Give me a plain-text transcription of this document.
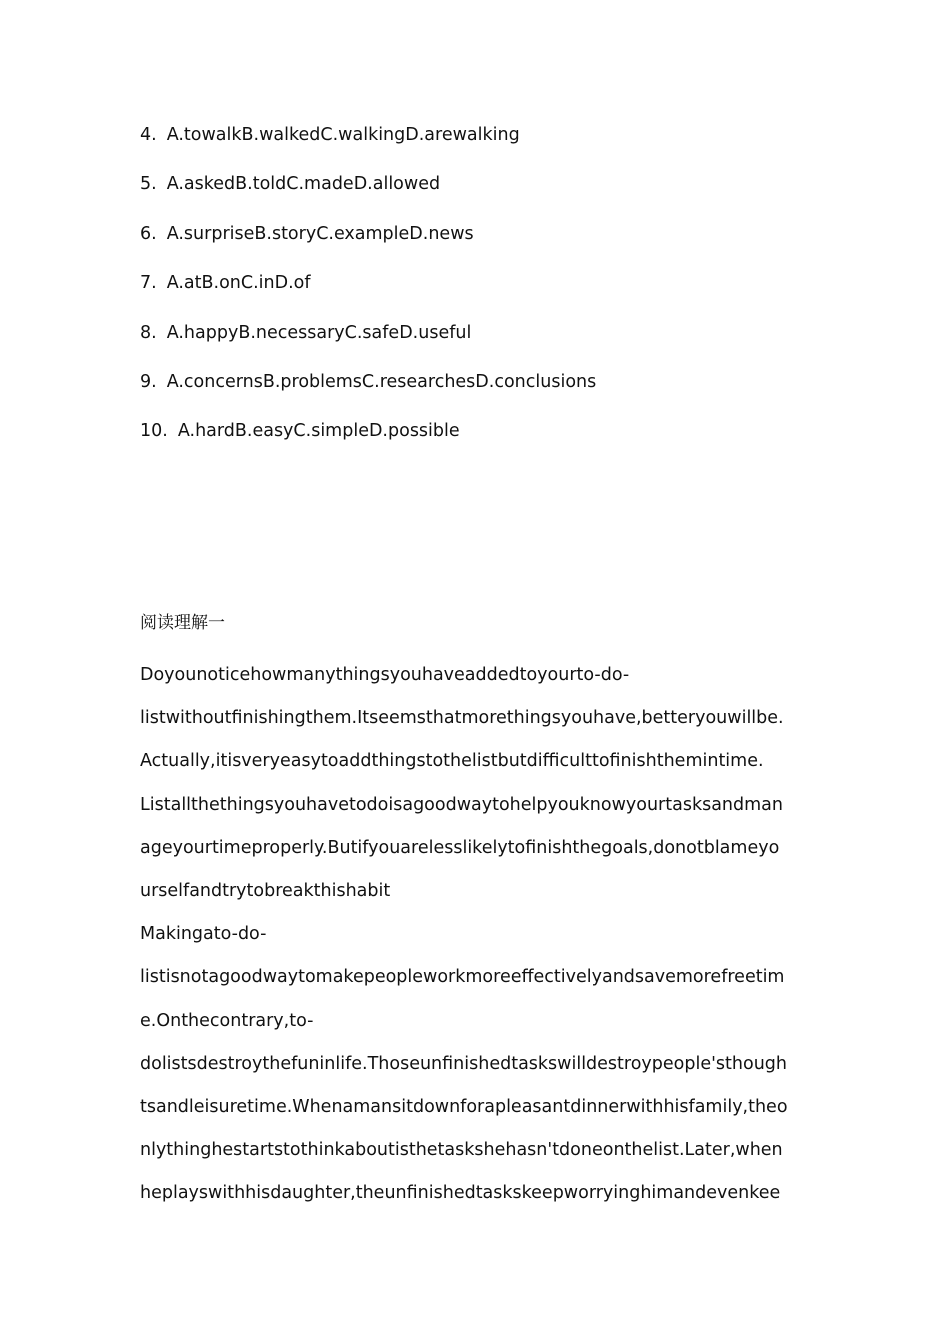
4. A.towalkB.walkedC.walkingD.arewalking
5. A.askedB.toldC.madeD.allowed
6. A.surpriseB.storyC.exampleD.news
7. A.atB.onC.inD.of
8. A.happyB.necessaryC.safeD.useful
9. A.concernsB.problemsC.researchesD.conclusions
10. A.hardB.easyC.simpleD.possible
阅读理解一
Doyounoticehowmanythingsyouhaveaddedtoyourto-do-
listwithoutfinishingthem.Itseemsthatmorethingsyouhave,betteryouwillbe.
Actually,itisveryeasytoaddthingstothelistbutdifficulttofinishthemintime.
Listallthethingsyouhavetodoisagoodwaytohelpyouknowyourtasksandman
ageyourtimeproperly.Butifyouarelesslikelytofinishthegoals,donotblameyo
urselfandtrytobreakthishabit
Makingato-do-
listisnotagoodwaytomakepeopleworkmoreeffectivelyandsavemorefreetim
e.Onthecontrary,to-
dolistsdestroythefuninlife.Thoseunfinishedtaskswilldestroypeople'sthough
tsandleisuretime.Whenamansitdownforapleasantdinnerwithhisfamily,theo
nlythinghestartstothinkaboutisthetaskshehasn'tdoneonthelist.Later,when
heplayswithhisdaughter,theunfinishedtaskskeepworryinghimandevenkee
